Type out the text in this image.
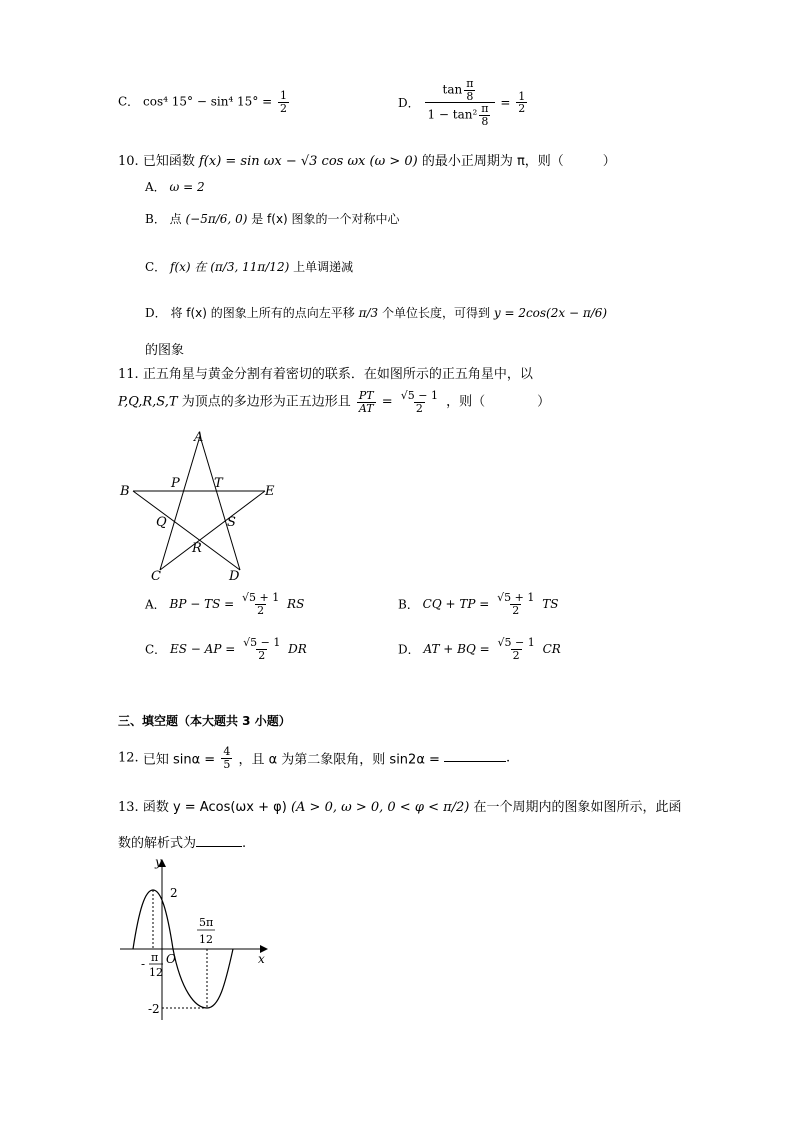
C． cos⁴ 15° − sin⁴ $15^\circ = \frac{1}{2}$	D． $\frac{\tan \frac{\pi}{8}}{1 - \tan^2 \frac{\pi}{8}} = \frac{1}{2}$
10. 已知函数 f(x) = sin ωx − √3 cos ωx (ω > 0) 的最小正周期为 π，则（　　　）
A． ω = 2
B． 点 (−5π/6, 0) 是 f(x) 图象的一个对称中心
C． f(x) 在 (π/3, 11π/12) 上单调递减
D． 将 f(x) 的图象上所有的点向左平移 π/3 个单位长度，可得到 y = 2cos(2x − π/6)
的图象
11. 正五角星与黄金分割有着密切的联系．在如图所示的正五角星中，以
P,Q,R,S,T 为顶点的多边形为正五边形且 $\frac{PT}{AT} = \frac{√5 - 1}{2}$ ，则（　　　　）
A
B	E
P	T
Q	S
R
C	D
A． BP − TS = $\frac{√5 + 1}{2}$ RS	B． CQ + TP = $\frac{√5 + 1}{2}$ TS
C． ES − AP = $\frac{√5 - 1}{2}$ DR	D． AT + BQ = $\frac{√5 - 1}{2}$ CR
三、填空题（本大题共 3 小题）
12. 已知 $\sin\alpha = \frac{4}{5}$ ，且 α 为第二象限角，则 sin2α =	.
13. 函数 y = Acos(ωx + φ) (A > 0, ω > 0, 0 < φ < π/2) 在一个周期内的图象如图所示，此函
数的解析式为	.
y
x
O
2
-2
- π
12
5π
12
